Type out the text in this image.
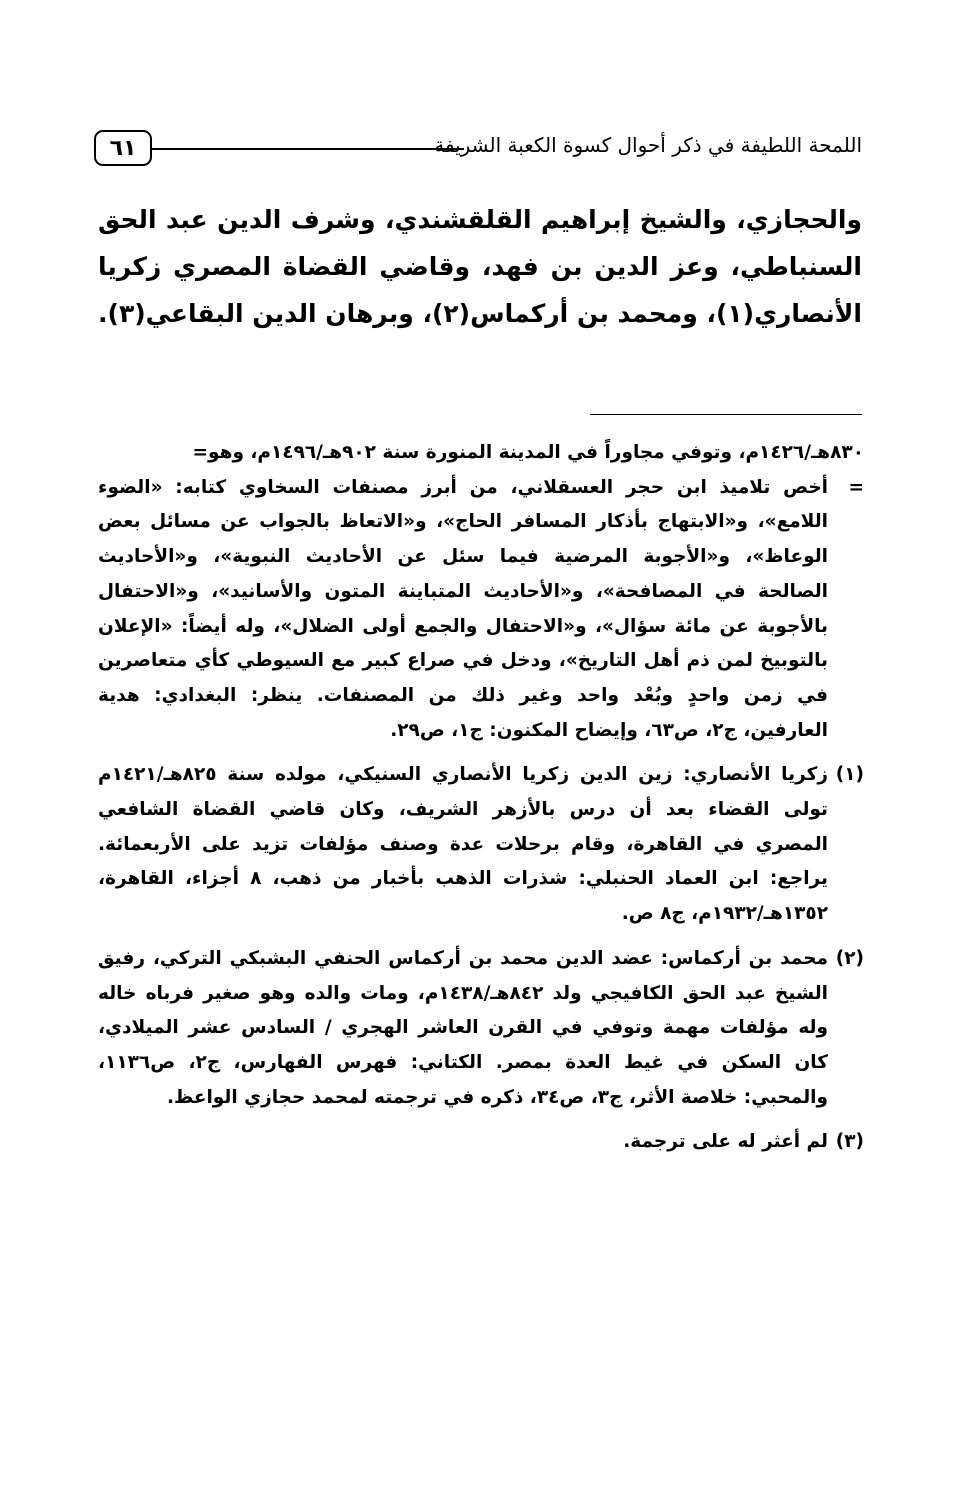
٦١	اللمحة اللطيفة في ذكر أحوال كسوة الكعبة الشريفة
والحجازي، والشيخ إبراهيم القلقشندي، وشرف الدين عبد الحق السنباطي، وعز الدين بن فهد، وقاضي القضاة المصري زكريا الأنصاري(١)، ومحمد بن أركماس(٢)، وبرهان الدين البقاعي(٣).
٨٣٠هـ/١٤٢٦م، وتوفي مجاوراً في المدينة المنورة سنة ٩٠٢هـ/١٤٩٦م، وهو=
=
أخص تلاميذ ابن حجر العسقلاني، من أبرز مصنفات السخاوي كتابه: «الضوء اللامع»، و«الابتهاج بأذكار المسافر الحاج»، و«الاتعاظ بالجواب عن مسائل بعض الوعاظ»، و«الأجوبة المرضية فيما سئل عن الأحاديث النبوية»، و«الأحاديث الصالحة في المصافحة»، و«الأحاديث المتباينة المتون والأسانيد»، و«الاحتفال بالأجوبة عن مائة سؤال»، و«الاحتفال والجمع أولى الضلال»، وله أيضاً: «الإعلان بالتوبيخ لمن ذم أهل التاريخ»، ودخل في صراع كبير مع السيوطي كأي متعاصرين في زمن واحدٍ وبُعْد واحد وغير ذلك من المصنفات. ينظر: البغدادي: هدية العارفين، ج٢، ص٦٣، وإيضاح المكنون: ج١، ص٢٩.
(١)
زكريا الأنصاري: زين الدين زكريا الأنصاري السنيكي، مولده سنة ٨٢٥هـ/١٤٢١م تولى القضاء بعد أن درس بالأزهر الشريف، وكان قاضي القضاة الشافعي المصري في القاهرة، وقام برحلات عدة وصنف مؤلفات تزيد على الأربعمائة. يراجع: ابن العماد الحنبلي: شذرات الذهب بأخبار من ذهب، ٨ أجزاء، القاهرة، ١٣٥٢هـ/١٩٣٢م، ج٨ ص.
(٢)
محمد بن أركماس: عضد الدين محمد بن أركماس الحنفي البشبكي التركي، رفيق الشيخ عبد الحق الكافيجي ولد ٨٤٢هـ/١٤٣٨م، ومات والده وهو صغير فرباه خاله وله مؤلفات مهمة وتوفي في القرن العاشر الهجري / السادس عشر الميلادي، كان السكن في غيط العدة بمصر. الكتاني: فهرس الفهارس، ج٢، ص١١٣٦، والمحبي: خلاصة الأثر، ج٣، ص٣٤، ذكره في ترجمته لمحمد حجازي الواعظ.
(٣)
لم أعثر له على ترجمة.
